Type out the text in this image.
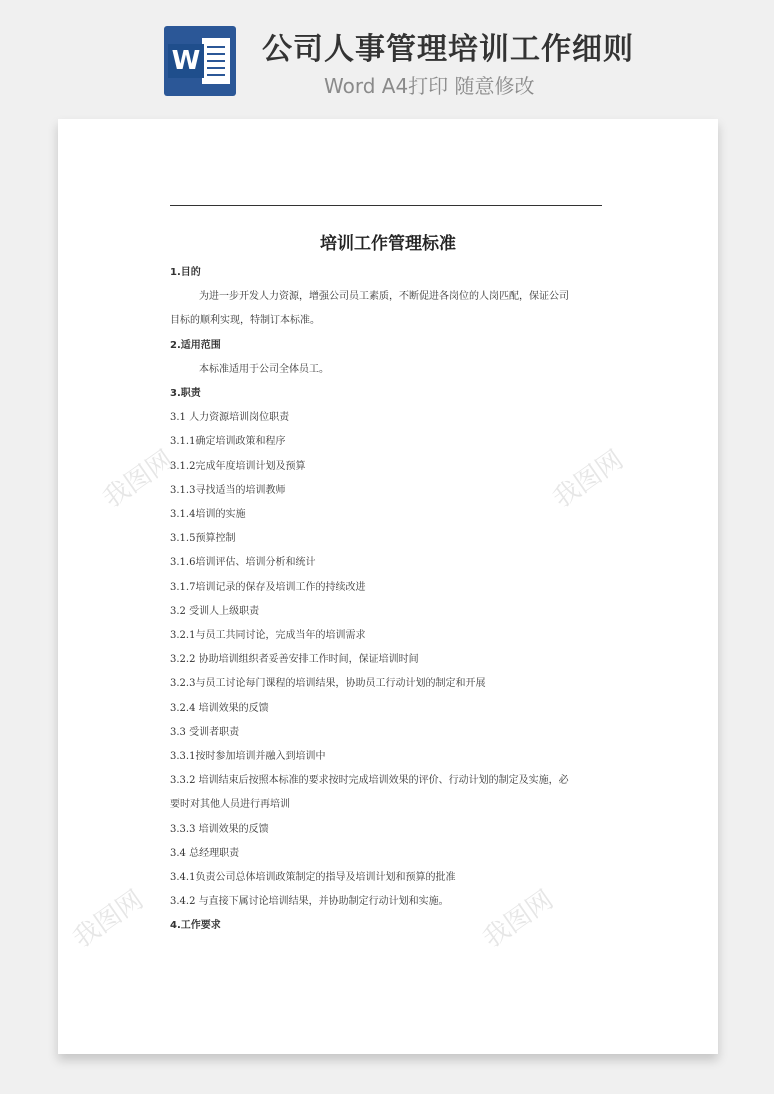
W 公司人事管理培训工作细则
Word A4打印 随意修改
我图网	我图网
我图网	我图网
培训工作管理标准
1.目的
为进一步开发人力资源，增强公司员工素质，不断促进各岗位的人岗匹配，保证公司
目标的顺利实现，特制订本标准。
2.适用范围
本标准适用于公司全体员工。
3.职责
3.1 人力资源培训岗位职责
3.1.1确定培训政策和程序
3.1.2完成年度培训计划及预算
3.1.3寻找适当的培训教师
3.1.4培训的实施
3.1.5预算控制
3.1.6培训评估、培训分析和统计
3.1.7培训记录的保存及培训工作的持续改进
3.2 受训人上级职责
3.2.1与员工共同讨论，完成当年的培训需求
3.2.2 协助培训组织者妥善安排工作时间，保证培训时间
3.2.3与员工讨论每门课程的培训结果，协助员工行动计划的制定和开展
3.2.4 培训效果的反馈
3.3 受训者职责
3.3.1按时参加培训并融入到培训中
3.3.2 培训结束后按照本标准的要求按时完成培训效果的评价、行动计划的制定及实施，必
要时对其他人员进行再培训
3.3.3 培训效果的反馈
3.4 总经理职责
3.4.1负责公司总体培训政策制定的指导及培训计划和预算的批准
3.4.2 与直接下属讨论培训结果，并协助制定行动计划和实施。
4.工作要求
